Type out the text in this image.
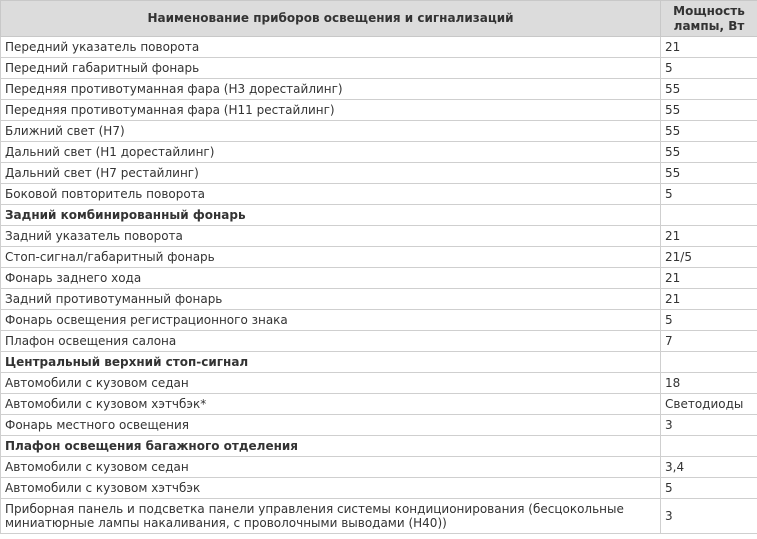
Наименование приборов освещения и сигнализаций	Мощность лампы, Вт
Передний указатель поворота	21
Передний габаритный фонарь	5
Передняя противотуманная фара (Н3 дорестайлинг)	55
Передняя противотуманная фара (Н11 рестайлинг)	55
Ближний свет (Н7)	55
Дальний свет (Н1 дорестайлинг)	55
Дальний свет (Н7 рестайлинг)	55
Боковой повторитель поворота	5
Задний комбинированный фонарь	
Задний указатель поворота	21
Стоп-сигнал/габаритный фонарь	21/5
Фонарь заднего хода	21
Задний противотуманный фонарь	21
Фонарь освещения регистрационного знака	5
Плафон освещения салона	7
Центральный верхний стоп-сигнал	
Автомобили с кузовом седан	18
Автомобили с кузовом хэтчбэк*	Светодиоды
Фонарь местного освещения	3
Плафон освещения багажного отделения	
Автомобили с кузовом седан	3,4
Автомобили с кузовом хэтчбэк	5
Приборная панель и подсветка панели управления системы кондиционирования (бесцокольные миниатюрные лампы накаливания, с проволочными выводами (Н40))	3
